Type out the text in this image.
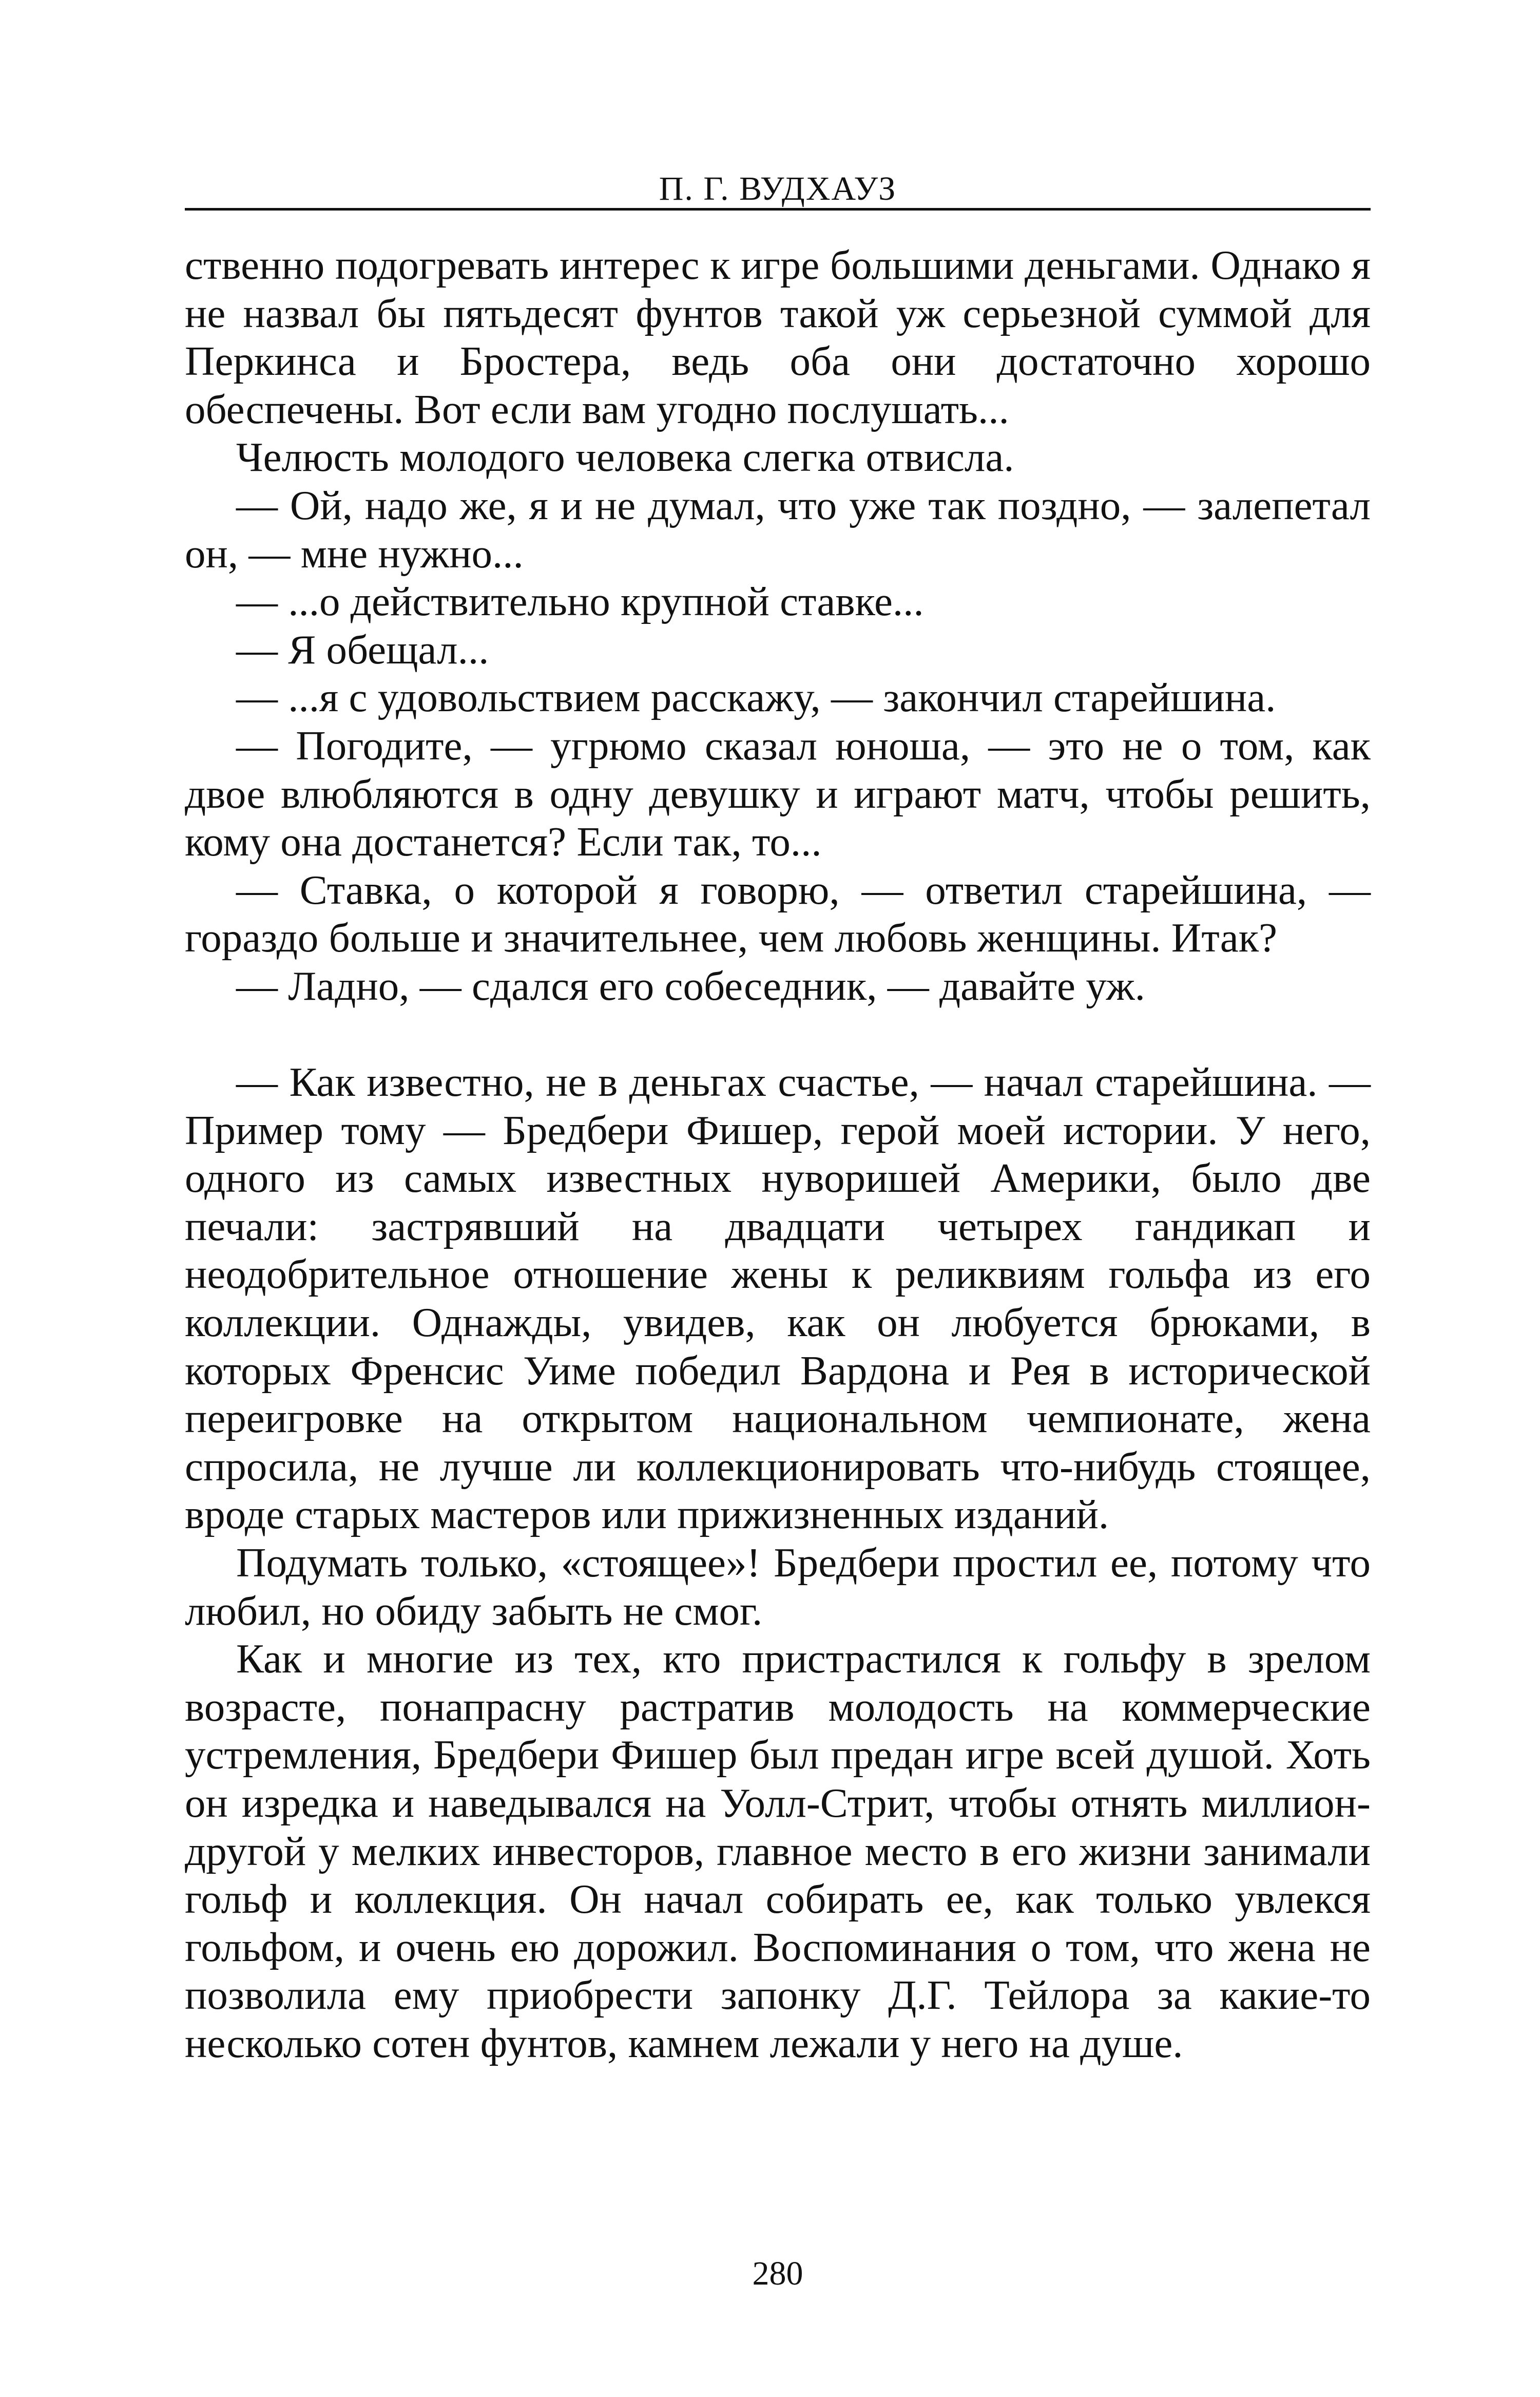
П. Г. ВУДХАУЗ

ственно подогревать интерес к игре большими деньгами. Однако я не назвал бы пятьдесят фунтов такой уж серьезной суммой для Перкинса и Бростера, ведь оба они достаточно хорошо обеспечены. Вот если вам угодно послушать...

Челюсть молодого человека слегка отвисла.

— Ой, надо же, я и не думал, что уже так поздно, — залепетал он, — мне нужно...

— ...о действительно крупной ставке...

— Я обещал...

— ...я с удовольствием расскажу, — закончил старейшина.

— Погодите, — угрюмо сказал юноша, — это не о том, как двое влюбляются в одну девушку и играют матч, чтобы решить, кому она достанется? Если так, то...

— Ставка, о которой я говорю, — ответил старейшина, — гораздо больше и значительнее, чем любовь женщины. Итак?

— Ладно, — сдался его собеседник, — давайте уж.

— Как известно, не в деньгах счастье, — начал старейшина. — Пример тому — Бредбери Фишер, герой моей истории. У него, одного из самых известных нуворишей Америки, было две печали: застрявший на двадцати четырех гандикап и неодобрительное отношение жены к реликвиям гольфа из его коллекции. Однажды, увидев, как он любуется брюками, в которых Френсис Уиме победил Вардона и Рея в исторической переигровке на открытом национальном чемпионате, жена спросила, не лучше ли коллекционировать что-нибудь стоящее, вроде старых мастеров или прижизненных изданий.

Подумать только, «стоящее»! Бредбери простил ее, потому что любил, но обиду забыть не смог.

Как и многие из тех, кто пристрастился к гольфу в зрелом возрасте, понапрасну растратив молодость на коммерческие устремления, Бредбери Фишер был предан игре всей душой. Хоть он изредка и наведывался на Уолл-Стрит, чтобы отнять миллион-другой у мелких инвесторов, главное место в его жизни занимали гольф и коллекция. Он начал собирать ее, как только увлекся гольфом, и очень ею дорожил. Воспоминания о том, что жена не позволила ему приобрести запонку Д.Г. Тейлора за какие-то несколько сотен фунтов, камнем лежали у него на душе.

280
